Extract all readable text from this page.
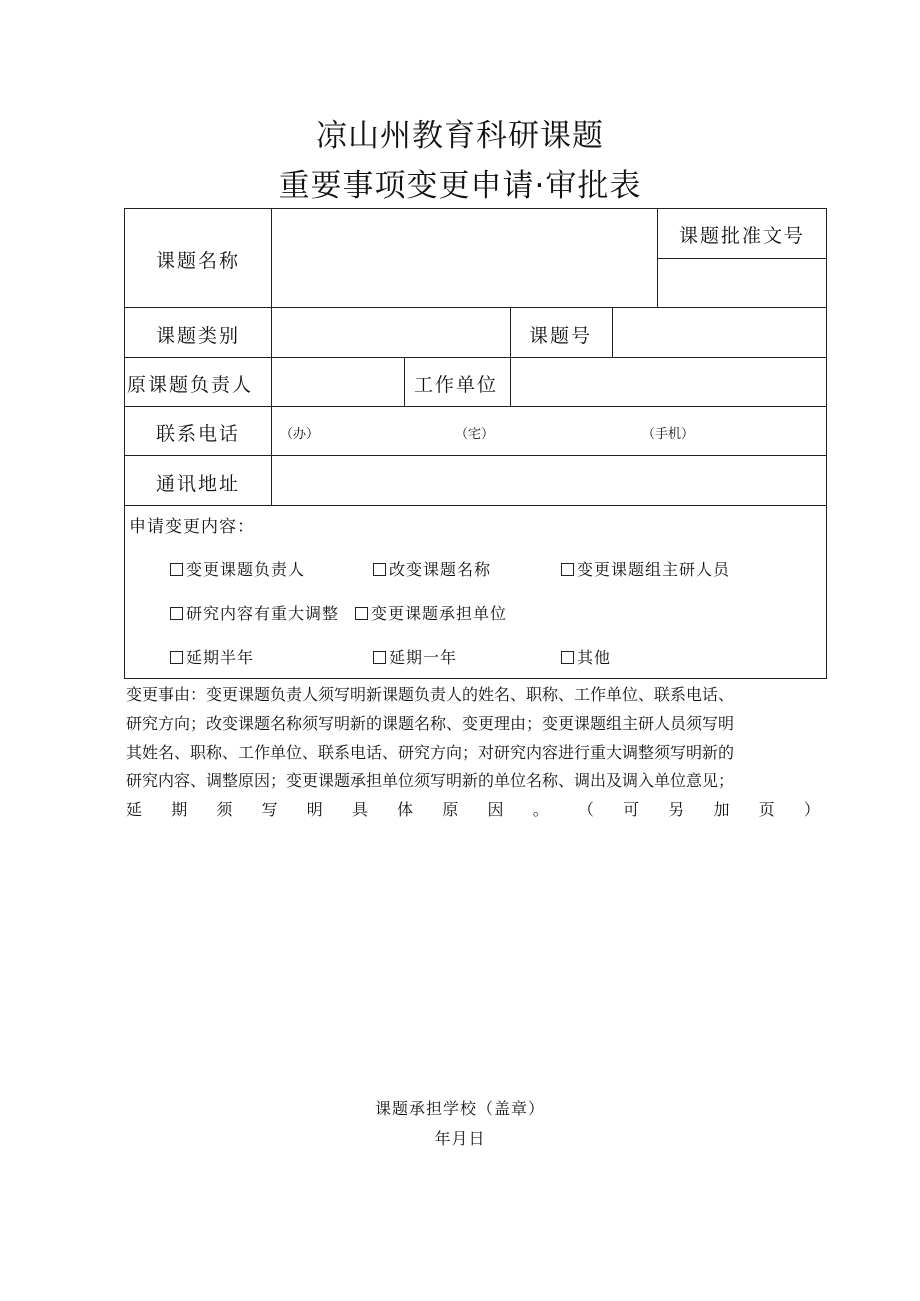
凉山州教育科研课题
重要事项变更申请·审批表
课题名称
课题批准文号
课题类别	课题号
原课题负责人	工作单位
联系电话	（办）	（宅）	（手机）
通讯地址
申请变更内容：
变更课题负责人	改变课题名称	变更课题组主研人员
研究内容有重大调整	变更课题承担单位
延期半年	延期一年	其他
变更事由：变更课题负责人须写明新课题负责人的姓名、职称、工作单位、联系电话、
研究方向；改变课题名称须写明新的课题名称、变更理由；变更课题组主研人员须写明
其姓名、职称、工作单位、联系电话、研究方向；对研究内容进行重大调整须写明新的
研究内容、调整原因；变更课题承担单位须写明新的单位名称、调出及调入单位意见；
延 期 须 写 明 具 体 原 因 。 （ 可 另 加 页 ）
课题承担学校（盖章）
年月日
